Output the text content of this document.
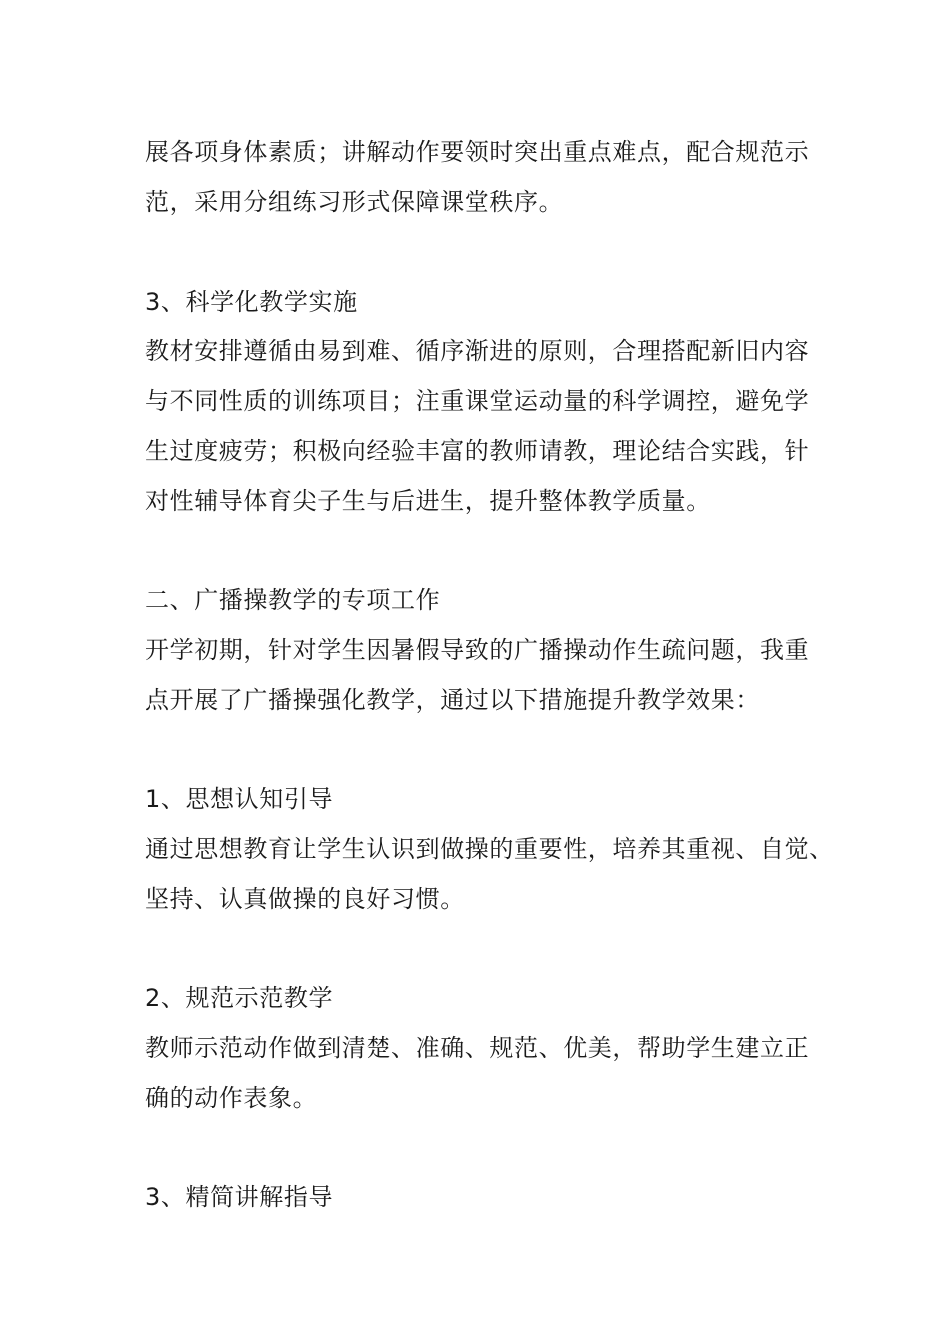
展各项身体素质；讲解动作要领时突出重点难点，配合规范示
范，采用分组练习形式保障课堂秩序。
3、科学化教学实施
教材安排遵循由易到难、循序渐进的原则，合理搭配新旧内容
与不同性质的训练项目；注重课堂运动量的科学调控，避免学
生过度疲劳；积极向经验丰富的教师请教，理论结合实践，针
对性辅导体育尖子生与后进生，提升整体教学质量。
二、广播操教学的专项工作
开学初期，针对学生因暑假导致的广播操动作生疏问题，我重
点开展了广播操强化教学，通过以下措施提升教学效果：
1、思想认知引导
通过思想教育让学生认识到做操的重要性，培养其重视、自觉、
坚持、认真做操的良好习惯。
2、规范示范教学
教师示范动作做到清楚、准确、规范、优美，帮助学生建立正
确的动作表象。
3、精简讲解指导
